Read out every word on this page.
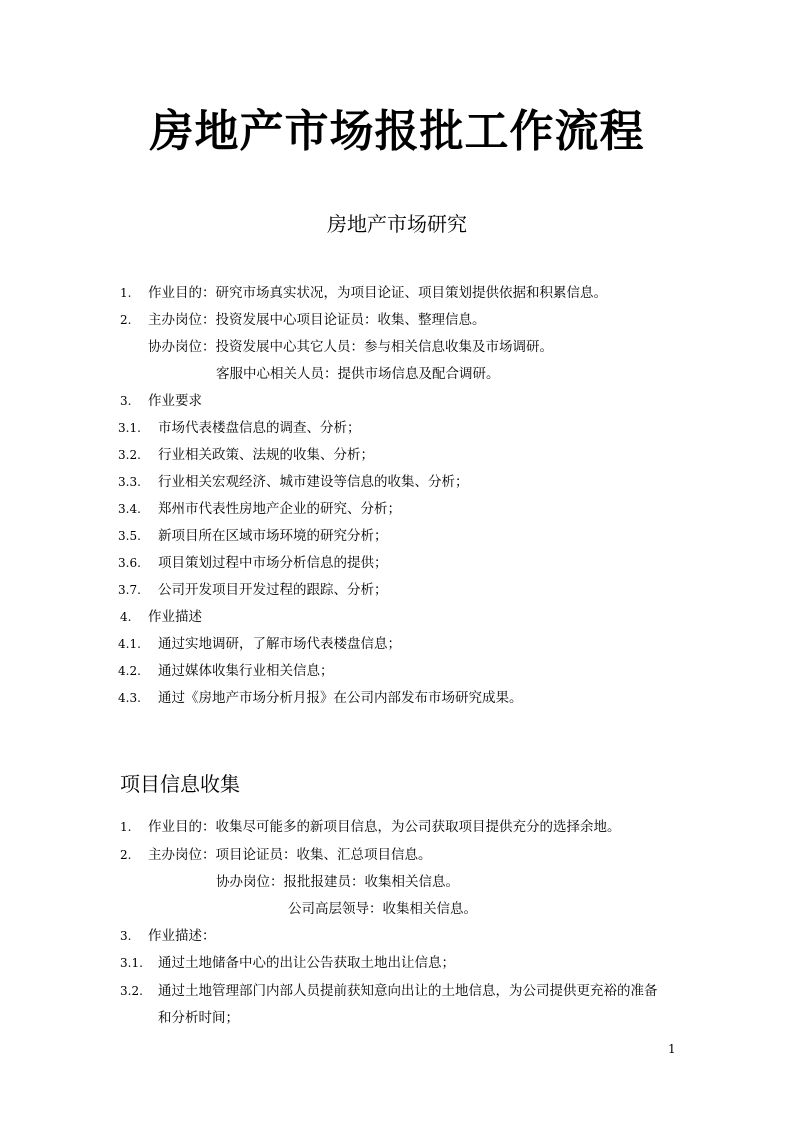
房地产市场报批工作流程
房地产市场研究
1. 作业目的：研究市场真实状况，为项目论证、项目策划提供依据和积累信息。
2. 主办岗位：投资发展中心项目论证员：收集、整理信息。
协办岗位：投资发展中心其它人员：参与相关信息收集及市场调研。
客服中心相关人员：提供市场信息及配合调研。
3. 作业要求
3.1. 市场代表楼盘信息的调查、分析；
3.2. 行业相关政策、法规的收集、分析；
3.3. 行业相关宏观经济、城市建设等信息的收集、分析；
3.4. 郑州市代表性房地产企业的研究、分析；
3.5. 新项目所在区域市场环境的研究分析；
3.6. 项目策划过程中市场分析信息的提供；
3.7. 公司开发项目开发过程的跟踪、分析；
4. 作业描述
4.1. 通过实地调研，了解市场代表楼盘信息；
4.2. 通过媒体收集行业相关信息；
4.3. 通过《房地产市场分析月报》在公司内部发布市场研究成果。
项目信息收集
1. 作业目的：收集尽可能多的新项目信息，为公司获取项目提供充分的选择余地。
2. 主办岗位：项目论证员：收集、汇总项目信息。
协办岗位：报批报建员：收集相关信息。
公司高层领导：收集相关信息。
3. 作业描述：
3.1. 通过土地储备中心的出让公告获取土地出让信息；
3.2. 通过土地管理部门内部人员提前获知意向出让的土地信息，为公司提供更充裕的准备
和分析时间；
1
